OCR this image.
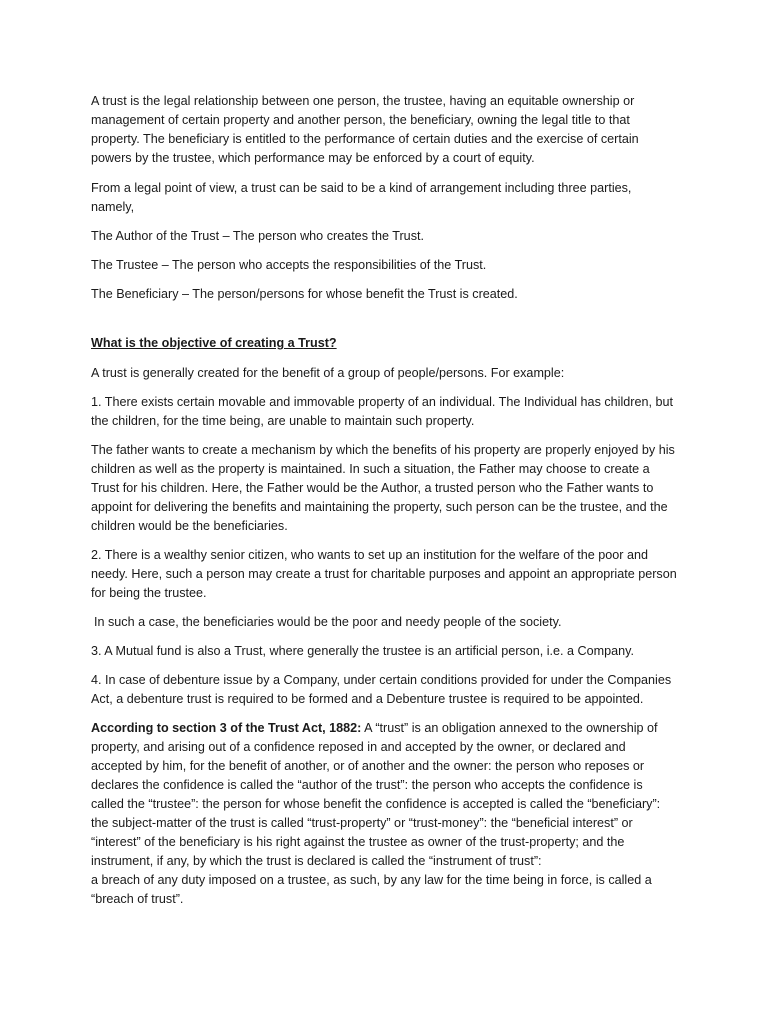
A trust is the legal relationship between one person, the trustee, having an equitable ownership or management of certain property and another person, the beneficiary, owning the legal title to that property. The beneficiary is entitled to the performance of certain duties and the exercise of certain powers by the trustee, which performance may be enforced by a court of equity.

From a legal point of view, a trust can be said to be a kind of arrangement including three parties, namely,

The Author of the Trust – The person who creates the Trust.

The Trustee – The person who accepts the responsibilities of the Trust.

The Beneficiary – The person/persons for whose benefit the Trust is created.

What is the objective of creating a Trust?

A trust is generally created for the benefit of a group of people/persons. For example:

1. There exists certain movable and immovable property of an individual. The Individual has children, but the children, for the time being, are unable to maintain such property.

The father wants to create a mechanism by which the benefits of his property are properly enjoyed by his children as well as the property is maintained. In such a situation, the Father may choose to create a Trust for his children. Here, the Father would be the Author, a trusted person who the Father wants to appoint for delivering the benefits and maintaining the property, such person can be the trustee, and the children would be the beneficiaries.

2. There is a wealthy senior citizen, who wants to set up an institution for the welfare of the poor and needy. Here, such a person may create a trust for charitable purposes and appoint an appropriate person for being the trustee.

In such a case, the beneficiaries would be the poor and needy people of the society.

3. A Mutual fund is also a Trust, where generally the trustee is an artificial person, i.e. a Company.

4. In case of debenture issue by a Company, under certain conditions provided for under the Companies Act, a debenture trust is required to be formed and a Debenture trustee is required to be appointed.

According to section 3 of the Trust Act, 1882: A “trust” is an obligation annexed to the ownership of property, and arising out of a confidence reposed in and accepted by the owner, or declared and accepted by him, for the benefit of another, or of another and the owner: the person who reposes or declares the confidence is called the “author of the trust”: the person who accepts the confidence is called the “trustee”: the person for whose benefit the confidence is accepted is called the “beneficiary”: the subject-matter of the trust is called “trust-property” or “trust-money”: the “beneficial interest” or “interest” of the beneficiary is his right against the trustee as owner of the trust-property; and the instrument, if any, by which the trust is declared is called the “instrument of trust”:

a breach of any duty imposed on a trustee, as such, by any law for the time being in force, is called a “breach of trust”.
